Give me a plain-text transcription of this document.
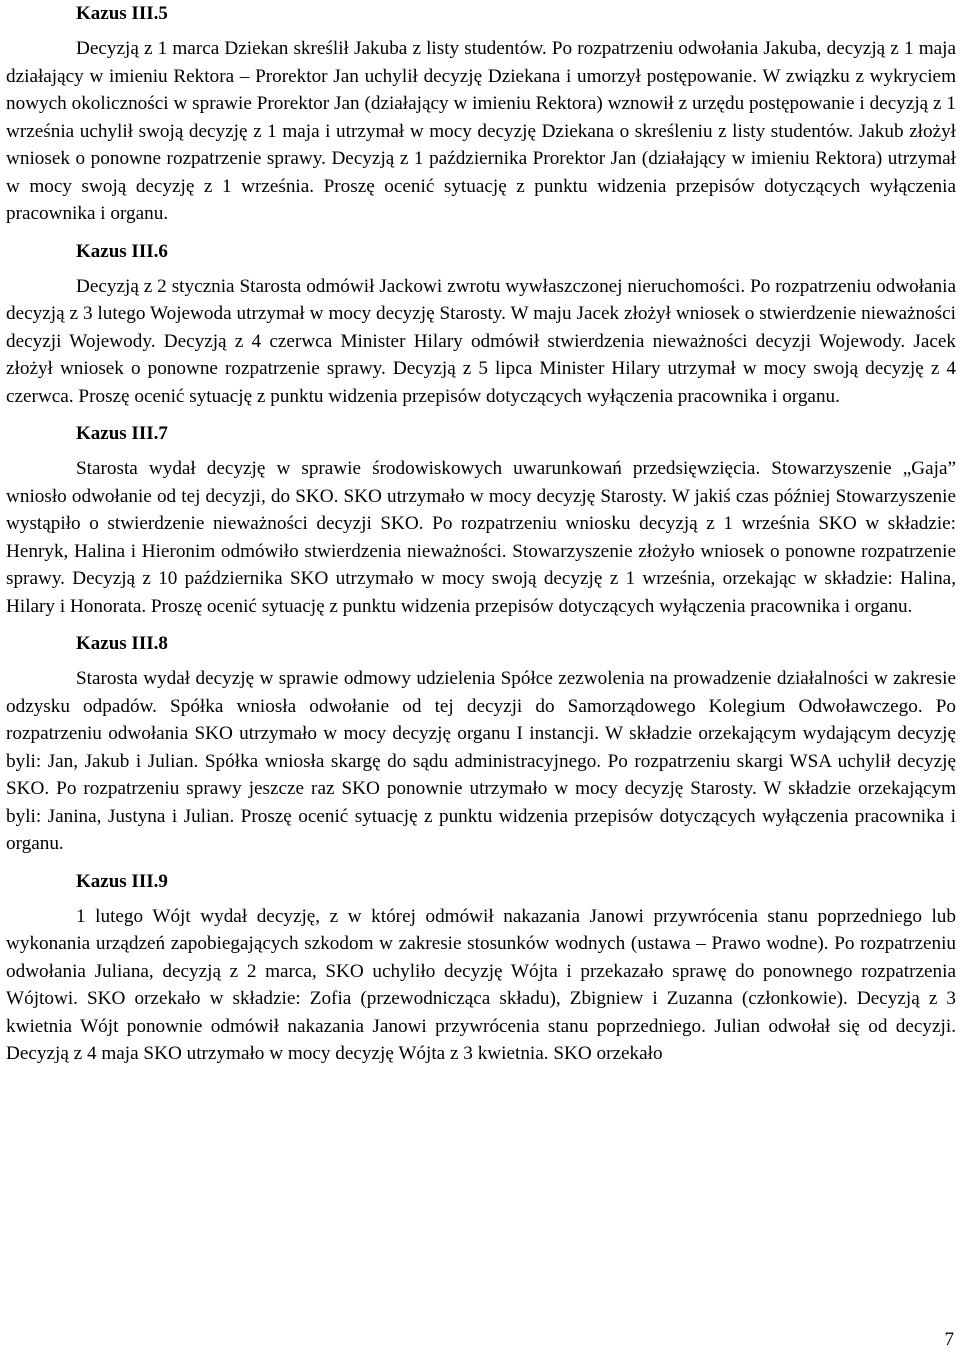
Kazus III.5

Decyzją z 1 marca Dziekan skreślił Jakuba z listy studentów. Po rozpatrzeniu odwołania Jakuba, decyzją z 1 maja działający w imieniu Rektora – Prorektor Jan uchylił decyzję Dziekana i umorzył postępowanie. W związku z wykryciem nowych okoliczności w sprawie Prorektor Jan (działający w imieniu Rektora) wznowił z urzędu postępowanie i decyzją z 1 września uchylił swoją decyzję z 1 maja i utrzymał w mocy decyzję Dziekana o skreśleniu z listy studentów. Jakub złożył wniosek o ponowne rozpatrzenie sprawy. Decyzją z 1 października Prorektor Jan (działający w imieniu Rektora) utrzymał w mocy swoją decyzję z 1 września. Proszę ocenić sytuację z punktu widzenia przepisów dotyczących wyłączenia pracownika i organu.

Kazus III.6

Decyzją z 2 stycznia Starosta odmówił Jackowi zwrotu wywłaszczonej nieruchomości. Po rozpatrzeniu odwołania decyzją z 3 lutego Wojewoda utrzymał w mocy decyzję Starosty. W maju Jacek złożył wniosek o stwierdzenie nieważności decyzji Wojewody. Decyzją z 4 czerwca Minister Hilary odmówił stwierdzenia nieważności decyzji Wojewody. Jacek złożył wniosek o ponowne rozpatrzenie sprawy. Decyzją z 5 lipca Minister Hilary utrzymał w mocy swoją decyzję z 4 czerwca. Proszę ocenić sytuację z punktu widzenia przepisów dotyczących wyłączenia pracownika i organu.

Kazus III.7

Starosta wydał decyzję w sprawie środowiskowych uwarunkowań przedsięwzięcia. Stowarzyszenie „Gaja” wniosło odwołanie od tej decyzji, do SKO. SKO utrzymało w mocy decyzję Starosty. W jakiś czas później Stowarzyszenie wystąpiło o stwierdzenie nieważności decyzji SKO. Po rozpatrzeniu wniosku decyzją z 1 września SKO w składzie: Henryk, Halina i Hieronim odmówiło stwierdzenia nieważności. Stowarzyszenie złożyło wniosek o ponowne rozpatrzenie sprawy. Decyzją z 10 października SKO utrzymało w mocy swoją decyzję z 1 września, orzekając w składzie: Halina, Hilary i Honorata. Proszę ocenić sytuację z punktu widzenia przepisów dotyczących wyłączenia pracownika i organu.

Kazus III.8

Starosta wydał decyzję w sprawie odmowy udzielenia Spółce zezwolenia na prowadzenie działalności w zakresie odzysku odpadów. Spółka wniosła odwołanie od tej decyzji do Samorządowego Kolegium Odwoławczego. Po rozpatrzeniu odwołania SKO utrzymało w mocy decyzję organu I instancji. W składzie orzekającym wydającym decyzję byli: Jan, Jakub i Julian. Spółka wniosła skargę do sądu administracyjnego. Po rozpatrzeniu skargi WSA uchylił decyzję SKO. Po rozpatrzeniu sprawy jeszcze raz SKO ponownie utrzymało w mocy decyzję Starosty. W składzie orzekającym byli: Janina, Justyna i Julian. Proszę ocenić sytuację z punktu widzenia przepisów dotyczących wyłączenia pracownika i organu.

Kazus III.9

1 lutego Wójt wydał decyzję, z w której odmówił nakazania Janowi przywrócenia stanu poprzedniego lub wykonania urządzeń zapobiegających szkodom w zakresie stosunków wodnych (ustawa – Prawo wodne). Po rozpatrzeniu odwołania Juliana, decyzją z 2 marca, SKO uchyliło decyzję Wójta i przekazało sprawę do ponownego rozpatrzenia Wójtowi. SKO orzekało w składzie: Zofia (przewodnicząca składu), Zbigniew i Zuzanna (członkowie). Decyzją z 3 kwietnia Wójt ponownie odmówił nakazania Janowi przywrócenia stanu poprzedniego. Julian odwołał się od decyzji. Decyzją z 4 maja SKO utrzymało w mocy decyzję Wójta z 3 kwietnia. SKO orzekało

7
